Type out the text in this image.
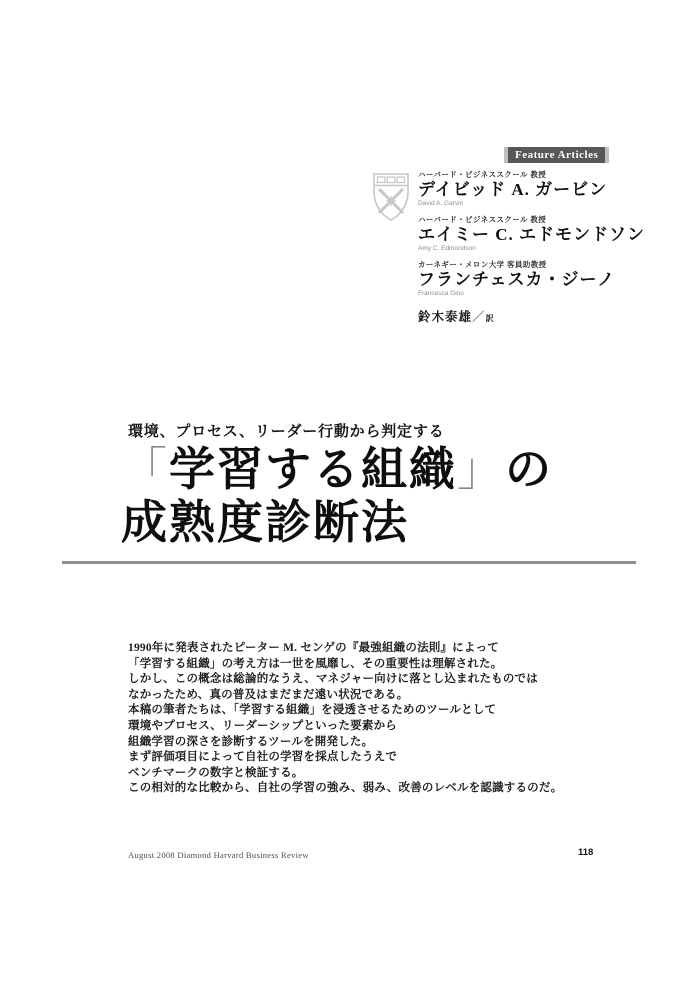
Feature Articles
ハーバード・ビジネススクール 教授
デイビッド A. ガービン
David A. Garvin
ハーバード・ビジネススクール 教授
エイミー C. エドモンドソン
Amy C. Edmondson
カーネギー・メロン大学 客員助教授
フランチェスカ・ジーノ
Francesca Gino
鈴木泰雄／訳
環境、プロセス、リーダー行動から判定する
「学習する組織」の
成熟度診断法
1990年に発表されたピーター M. センゲの『最強組織の法則』によって
「学習する組織」の考え方は一世を風靡し、その重要性は理解された。
しかし、この概念は総論的なうえ、マネジャー向けに落とし込まれたものでは
なかったため、真の普及はまだまだ遠い状況である。
本稿の筆者たちは、「学習する組織」を浸透させるためのツールとして
環境やプロセス、リーダーシップといった要素から
組織学習の深さを診断するツールを開発した。
まず評価項目によって自社の学習を採点したうえで
ベンチマークの数字と検証する。
この相対的な比較から、自社の学習の強み、弱み、改善のレベルを認識するのだ。
August 2008 Diamond Harvard Business Review	118
